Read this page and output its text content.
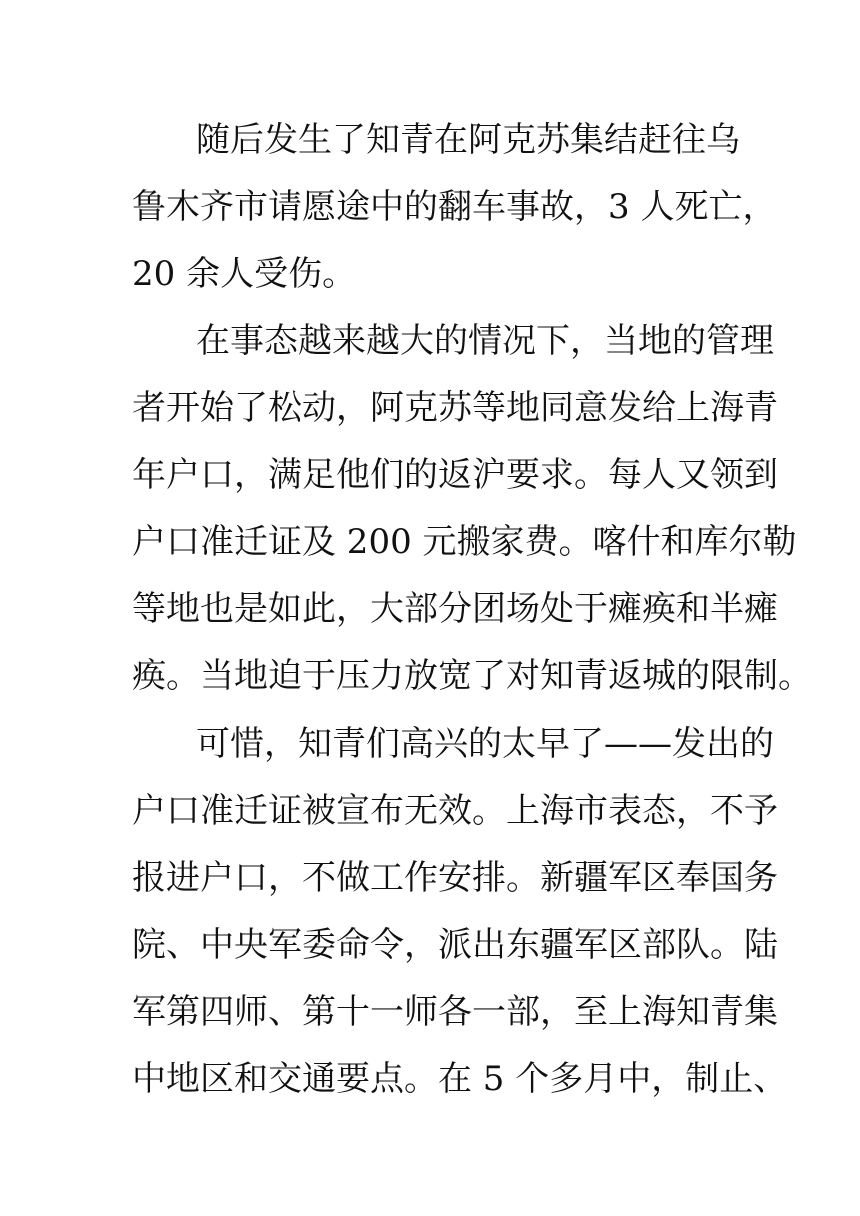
随后发生了知青在阿克苏集结赶往乌
鲁木齐市请愿途中的翻车事故，3 人死亡，
20 余人受伤。
在事态越来越大的情况下，当地的管理
者开始了松动，阿克苏等地同意发给上海青
年户口，满足他们的返沪要求。每人又领到
户口准迁证及 200 元搬家费。喀什和库尔勒
等地也是如此，大部分团场处于瘫痪和半瘫
痪。当地迫于压力放宽了对知青返城的限制。
可惜，知青们高兴的太早了——发出的
户口准迁证被宣布无效。上海市表态，不予
报进户口，不做工作安排。新疆军区奉国务
院、中央军委命令，派出东疆军区部队。陆
军第四师、第十一师各一部，至上海知青集
中地区和交通要点。在 5 个多月中，制止、
